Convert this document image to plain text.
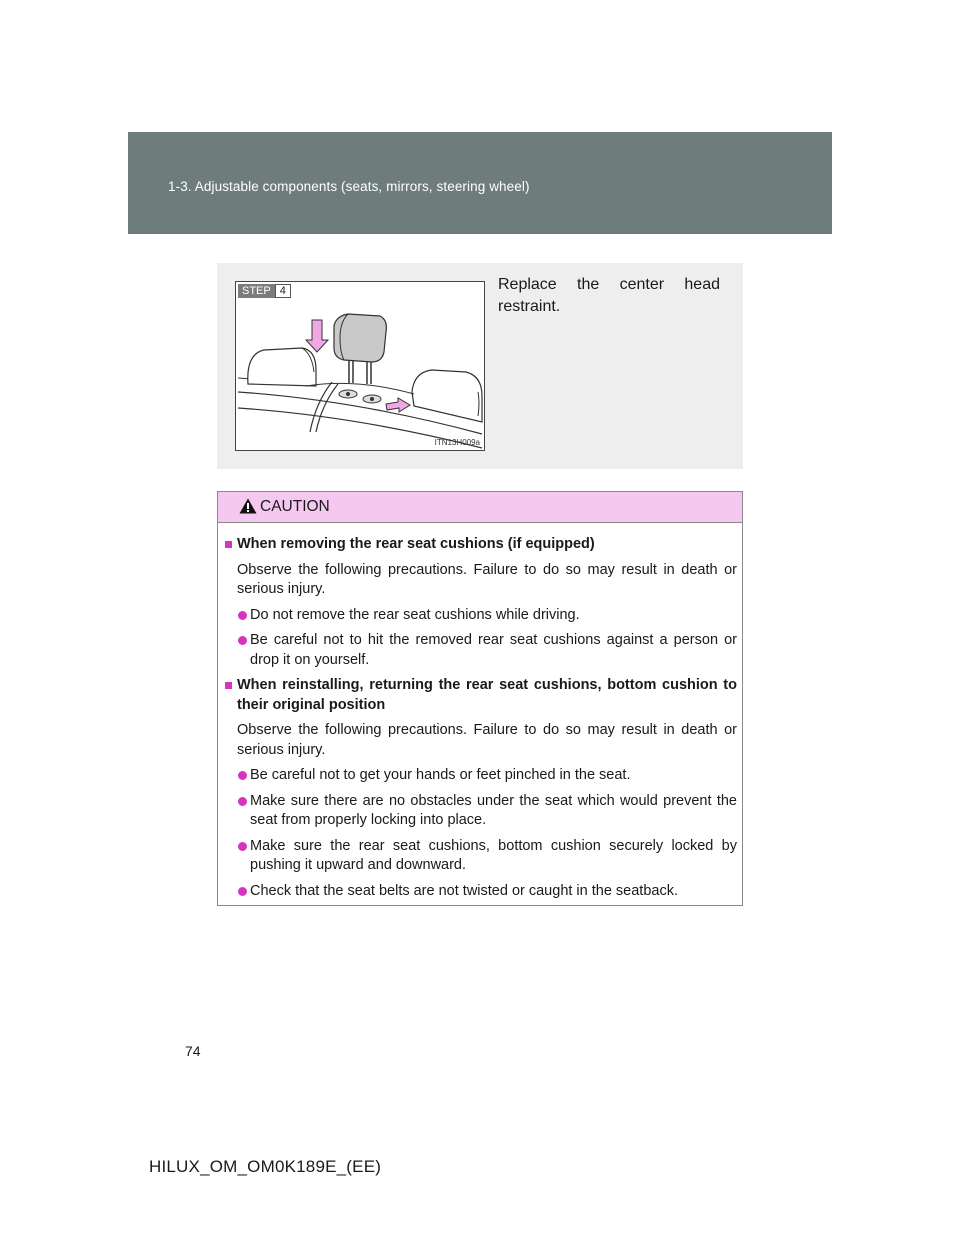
1-3. Adjustable components (seats, mirrors, steering wheel)
STEP 4
ITN13H009a
Replace the center head restraint.
CAUTION
When removing the rear seat cushions (if equipped)
Observe the following precautions. Failure to do so may result in death or serious injury.
Do not remove the rear seat cushions while driving.
Be careful not to hit the removed rear seat cushions against a person or drop it on yourself.
When reinstalling, returning the rear seat cushions, bottom cushion to their original position
Observe the following precautions. Failure to do so may result in death or serious injury.
Be careful not to get your hands or feet pinched in the seat.
Make sure there are no obstacles under the seat which would prevent the seat from properly locking into place.
Make sure the rear seat cushions, bottom cushion securely locked by pushing it upward and downward.
Check that the seat belts are not twisted or caught in the seatback.
74
HILUX_OM_OM0K189E_(EE)
